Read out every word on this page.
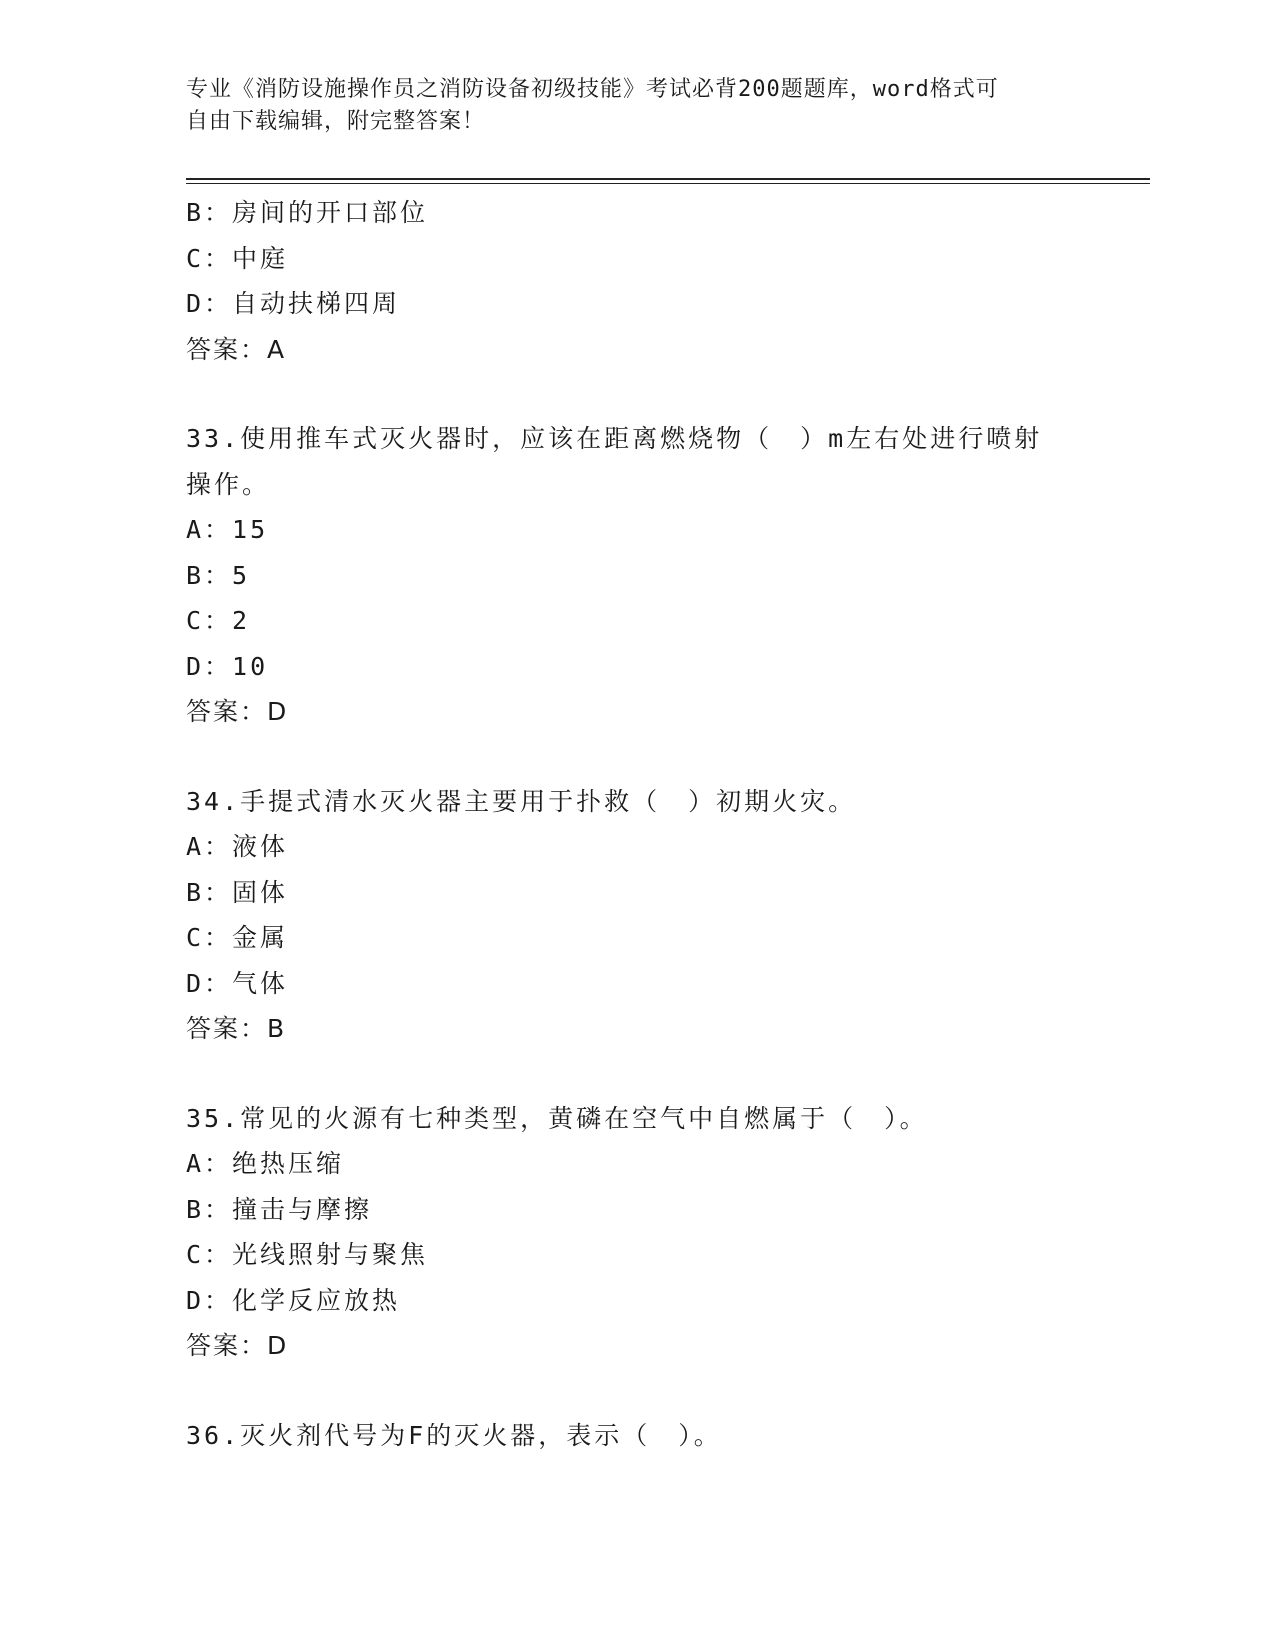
专业《消防设施操作员之消防设备初级技能》考试必背200题题库，word格式可
自由下载编辑，附完整答案！
B：房间的开口部位
C：中庭
D：自动扶梯四周
答案：A
33.使用推车式灭火器时，应该在距离燃烧物（　）m左右处进行喷射
操作。
A：15
B：5
C：2
D：10
答案：D
34.手提式清水灭火器主要用于扑救（　）初期火灾。
A：液体
B：固体
C：金属
D：气体
答案：B
35.常见的火源有七种类型，黄磷在空气中自燃属于（　）。
A：绝热压缩
B：撞击与摩擦
C：光线照射与聚焦
D：化学反应放热
答案：D
36.灭火剂代号为F的灭火器，表示（　）。
